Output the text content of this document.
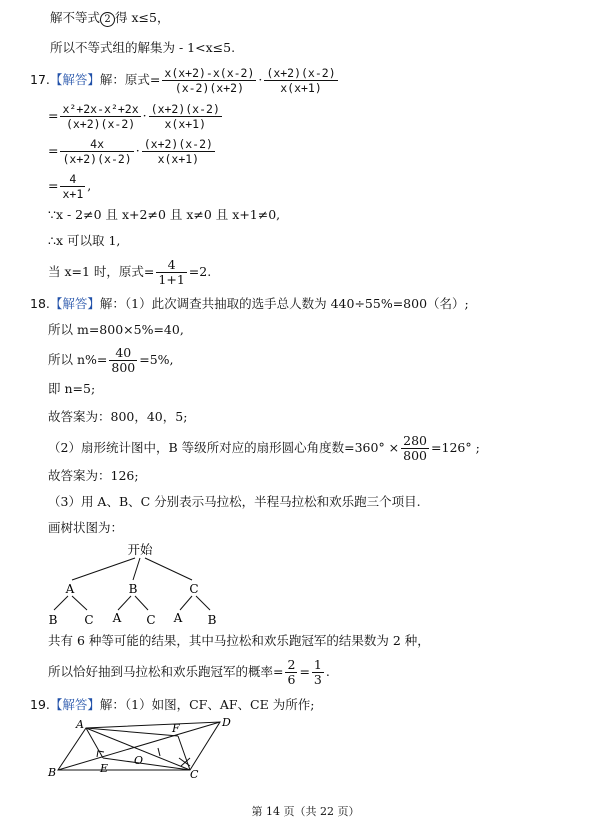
解不等式 2 得 x≤5，
所以不等式组的解集为 - 1<x≤5.
17.【解答】解：原式= $\frac{x(x+2)-x(x-2)}{(x-2)(x+2)} \cdot \frac{(x+2)(x-2)}{x(x+1)}$
= $\frac{\text{x²+2x-x²+2x}}{(x+2)(x-2)} \cdot \frac{(x+2)(x-2)}{x(x+1)}$
= $\frac{4x}{(x+2)(x-2)} \cdot \frac{(x+2)(x-2)}{x(x+1)}$
= $\frac{4}{x+1}$ ,
∵x - 2≠0 且 x+2≠0 且 x≠0 且 x+1≠0,
∴x 可以取 1,
当 x=1 时，原式= $\frac{4}{1+1} =2$.
18.【解答】解：（1）此次调查共抽取的选手总人数为 440÷55%=800（名）;
所以 m=800×5%=40,
所以 $n\%= \frac{40}{800} =5\%$,
即 n=5;
故答案为：800，40，5;
（2）扇形统计图中，B 等级所对应的扇形圆心角度数$=360^\circ \times \frac{280}{800} =126^\circ$ ;
故答案为：126;
（3）用 A、B、C 分别表示马拉松，半程马拉松和欢乐跑三个项目.
画树状图为：
开始
A	B	C
B C A C A B
共有 6 种等可能的结果，其中马拉松和欢乐跑冠军的结果数为 2 种，
所以恰好抽到马拉松和欢乐跑冠军的概率= $\frac{2}{6} = \frac{1}{3}$ .
19.【解答】解：（1）如图，CF、AF、CE 为所作;
A	D
F
O
E
B	C
第 14 页（共 22 页）
